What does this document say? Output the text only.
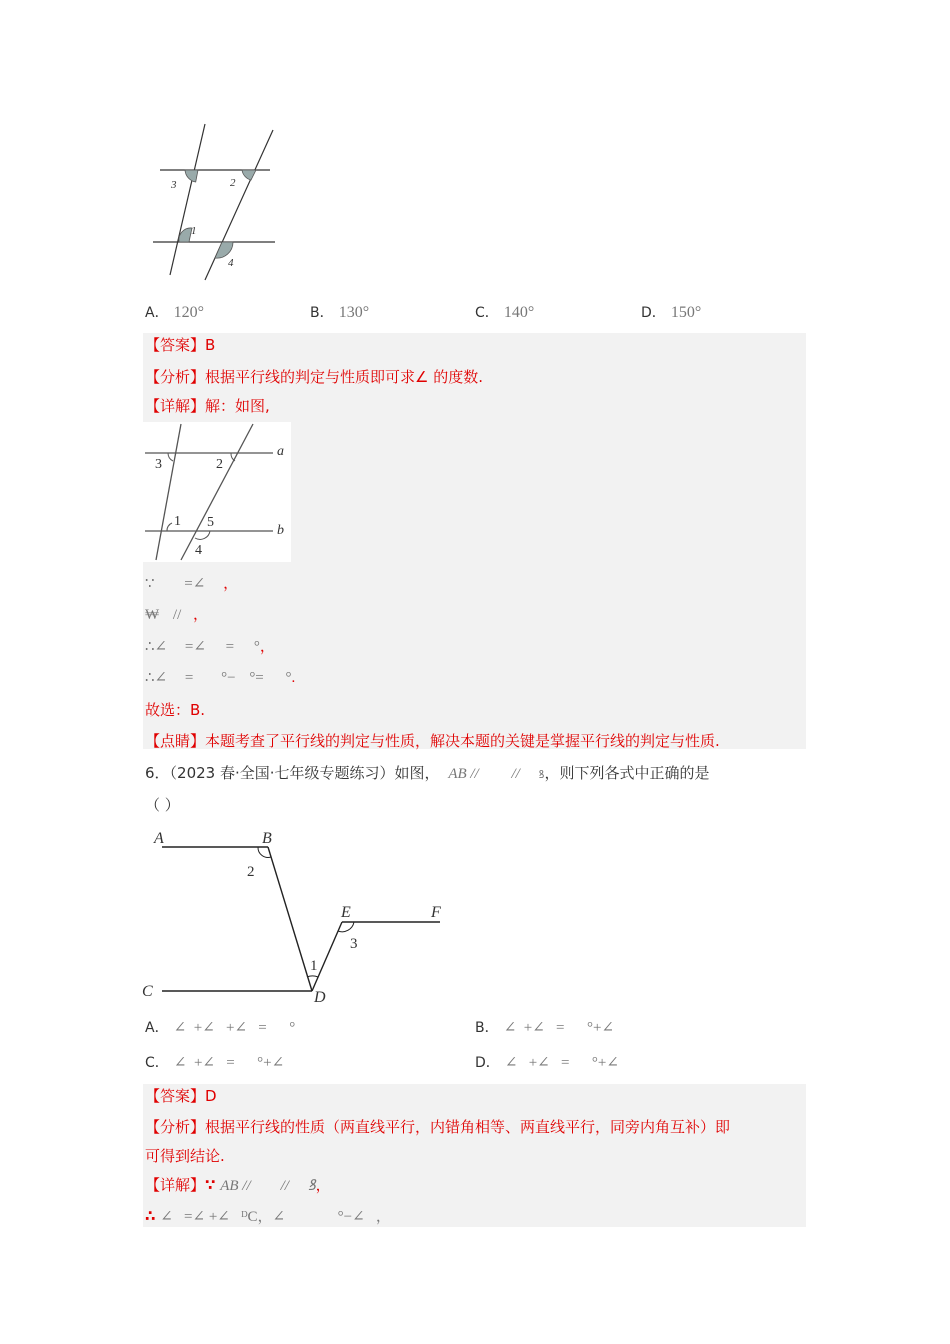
3	2
1
4
A． 120°	B． 130°	C． 140°	D． 150°
【答案】B
【分析】根据平行线的判定与性质即可求∠ 的度数.
【详解】解：如图,
3	2
a
1 5
b
4
∵ =∠ ，
₩ // ，
∴∠ =∠ = °，
∴∠ = °− °= °.
故选：B.
【点睛】本题考查了平行线的判定与性质，解决本题的关键是掌握平行线的判定与性质.
6．（2023 春·全国·七年级专题练习）如图， AB // // ꝸ，则下列各式中正确的是
（ ）
A	B
2
E	F
3
1
C	D
A． ∠  +∠   +∠   =      °	B． ∠  +∠   =      °+∠
C． ∠  +∠   =      °+∠	D． ∠   +∠   =      °+∠
【答案】D
【分析】根据平行线的性质（两直线平行，内错角相等、两直线平行，同旁内角互补）即
可得到结论.
【详解】∵ AB //        //     ꝸ，
∴ ∠   =∠ +∠   ᴰC，∠              °−∠   ，
